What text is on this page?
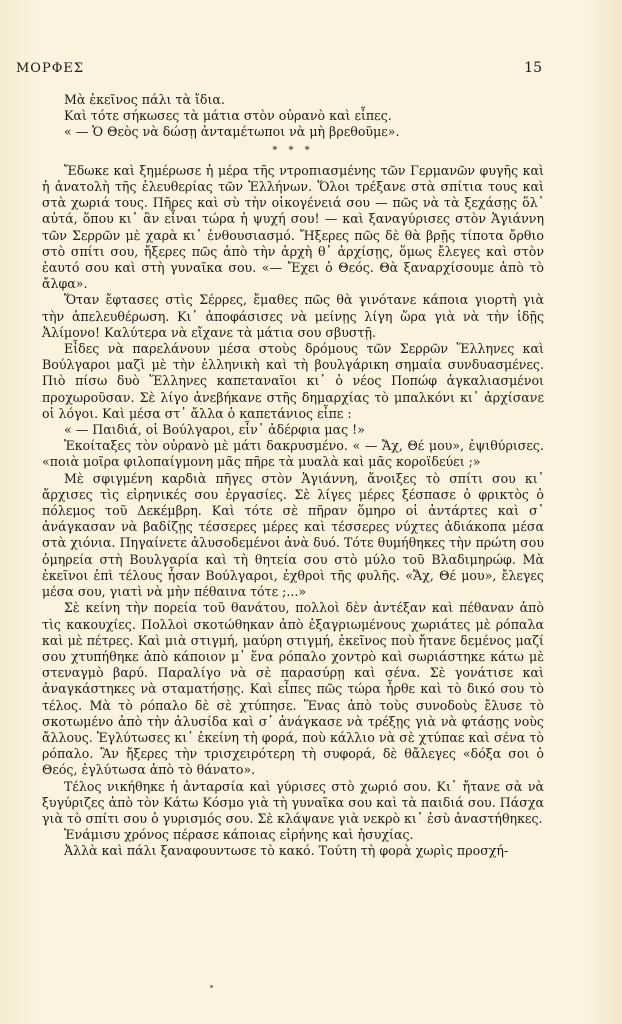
ΜΟΡΦΕΣ	15

Μὰ ἐκεῖνος πάλι τὰ ἴδια.

Καὶ τότε σήκωσες τὰ μάτια στὸν οὐρανὸ καὶ εἶπες.

« — Ὁ Θεὸς νὰ δώσῃ ἀνταμέτωποι νὰ μὴ βρεθοῦμε».

* * *

Ἔδωκε καὶ ξημέρωσε ἡ μέρα τῆς ντροπιασμένης τῶν Γερμανῶν φυγῆς καὶ ἡ ἀνατολὴ τῆς ἐλευθερίας τῶν Ἑλλήνων. Ὅλοι τρέξανε στὰ σπίτια τους καὶ στὰ χωριά τους. Πῆρες καὶ σὺ τὴν οἰκογένειά σου — πῶς νὰ τὰ ξεχάσῃς ὅλ᾽ αὐτά, ὅπου κι᾽ ἂν εἶναι τώρα ἡ ψυχή σου! — καὶ ξαναγύρισες στὸν Ἁγιάννη τῶν Σερρῶν μὲ χαρὰ κι᾽ ἐνθουσιασμό. Ἤξερες πῶς δὲ θὰ βρῇς τίποτα ὄρθιο στὸ σπίτι σου, ἤξερες πῶς ἀπὸ τὴν ἀρχὴ θ᾽ ἀρχίσῃς, ὅμως ἔλεγες καὶ στὸν ἑαυτό σου καὶ στὴ γυναῖκα σου. «— Ἔχει ὁ Θεός. Θὰ ξαναρχίσουμε ἀπὸ τὸ ἄλφα».

Ὅταν ἔφτασες στὶς Σέρρες, ἔμαθες πῶς θὰ γινότανε κάποια γιορτὴ γιὰ τὴν ἀπελευθέρωση. Κι᾽ ἀποφάσισες νὰ μείνῃς λίγη ὥρα γιὰ νὰ τὴν ἰδῇς Ἀλίμονο! Καλύτερα νὰ εἴχανε τὰ μάτια σου σβυστῇ.

Εἶδες νὰ παρελάνουν μέσα στοὺς δρόμους τῶν Σερρῶν Ἕλληνες καὶ Βούλγαροι μαζὶ μὲ τὴν ἑλληνικὴ καὶ τὴ βουλγάρικη σημαία συνδυασμένες. Πιὸ πίσω δυὸ Ἕλληνες καπεταναῖοι κι᾽ ὁ νέος Ποπώφ ἀγκαλιασμένοι προχωροῦσαν. Σὲ λίγο ἀνεβήκανε στῆς δημαρχίας τὸ μπαλκόνι κι᾽ ἀρχίσανε οἱ λόγοι. Καὶ μέσα στ᾽ ἄλλα ὁ καπετάνιος εἶπε :

« — Παιδιά, οἱ Βούλγαροι, εἶν᾽ ἀδέρφια μας !»

Ἐκοίταξες τὸν οὐρανὸ μὲ μάτι δακρυσμένο. « — Ἄχ, Θέ μου», ἐψιθύρισες. «ποιὰ μοῖρα φιλοπαίγμονη μᾶς πῆρε τὰ μυαλὰ καὶ μᾶς κοροϊδεύει ;»

Μὲ σφιγμένη καρδιὰ πῆγες στὸν Ἁγιάννη, ἄνοιξες τὸ σπίτι σου κι᾽ ἄρχισες τὶς εἰρηνικές σου ἐργασίες. Σὲ λίγες μέρες ξέσπασε ὁ φρικτὸς ὁ πόλεμος τοῦ Δεκέμβρη. Καὶ τότε σὲ πῆραν ὅμηρο οἱ ἀντάρτες καὶ σ᾽ ἀνάγκασαν νὰ βαδίζῃς τέσσερες μέρες καὶ τέσσερες νύχτες ἀδιάκοπα μέσα στὰ χιόνια. Πηγαίνετε ἀλυσοδεμένοι ἀνὰ δυό. Τότε θυμήθηκες τὴν πρώτη σου ὁμηρεία στὴ Βουλγαρία καὶ τὴ θητεία σου στὸ μύλο τοῦ Βλαδιμηρώφ. Μὰ ἐκεῖνοι ἐπὶ τέλους ἦσαν Βούλγαροι, ἐχθροὶ τῆς φυλῆς. «Ἄχ, Θέ μου», ἔλεγες μέσα σου, γιατὶ νὰ μὴν πέθαινα τότε ;...»

Σὲ κείνη τὴν πορεία τοῦ θανάτου, πολλοὶ δὲν ἀντέξαν καὶ πέθαναν ἀπὸ τὶς κακουχίες. Πολλοὶ σκοτώθηκαν ἀπὸ ἐξαγριωμένους χωριάτες μὲ ρόπαλα καὶ μὲ πέτρες. Καὶ μιὰ στιγμή, μαύρη στιγμή, ἐκεῖνος ποὺ ἤτανε δεμένος μαζί σου χτυπήθηκε ἀπὸ κάποιον μ᾽ ἕνα ρόπαλο χοντρὸ καὶ σωριάστηκε κάτω μὲ στεναγμὸ βαρύ. Παραλίγο νὰ σὲ παρασύρῃ καὶ σένα. Σὲ γονάτισε καὶ ἀναγκάστηκες νὰ σταματήσῃς. Καὶ εἶπες πῶς τώρα ἦρθε καὶ τὸ δικό σου τὸ τέλος. Μὰ τὸ ρόπαλο δὲ σὲ χτύπησε. Ἕνας ἀπὸ τοὺς συνοδοὺς ἔλυσε τὸ σκοτωμένο ἀπὸ τὴν ἀλυσίδα καὶ σ᾽ ἀνάγκασε νὰ τρέξῃς γιὰ νὰ φτάσῃς νοὺς ἄλλους. Ἐγλύτωσες κι᾽ ἐκείνη τὴ φορά, ποὺ κάλλιο νὰ σὲ χτύπαε καὶ σένα τὸ ρόπαλο. Ἂν ἤξερες τὴν τρισχειρότερη τὴ συφορά, δὲ θἄλεγες «δόξα σοι ὁ Θεός, ἐγλύτωσα ἀπὸ τὸ θάνατο».

Τέλος νικήθηκε ἡ ἀνταρσία καὶ γύρισες στὸ χωριό σου. Κι᾽ ἤτανε σὰ νὰ ξυγύριζες ἀπὸ τὸν Κάτω Κόσμο γιὰ τὴ γυναῖκα σου καὶ τὰ παιδιά σου. Πάσχα γιὰ τὸ σπίτι σου ὁ γυρισμός σου. Σὲ κλάψανε γιὰ νεκρὸ κι᾽ ἐσὺ ἀναστήθηκες.

Ἑνάμισυ χρόνος πέρασε κάποιας εἰρήνης καὶ ἡσυχίας.

Ἀλλὰ καὶ πάλι ξαναφουντωσε τὸ κακό. Τούτη τὴ φορὰ χωρὶς προσχή-
